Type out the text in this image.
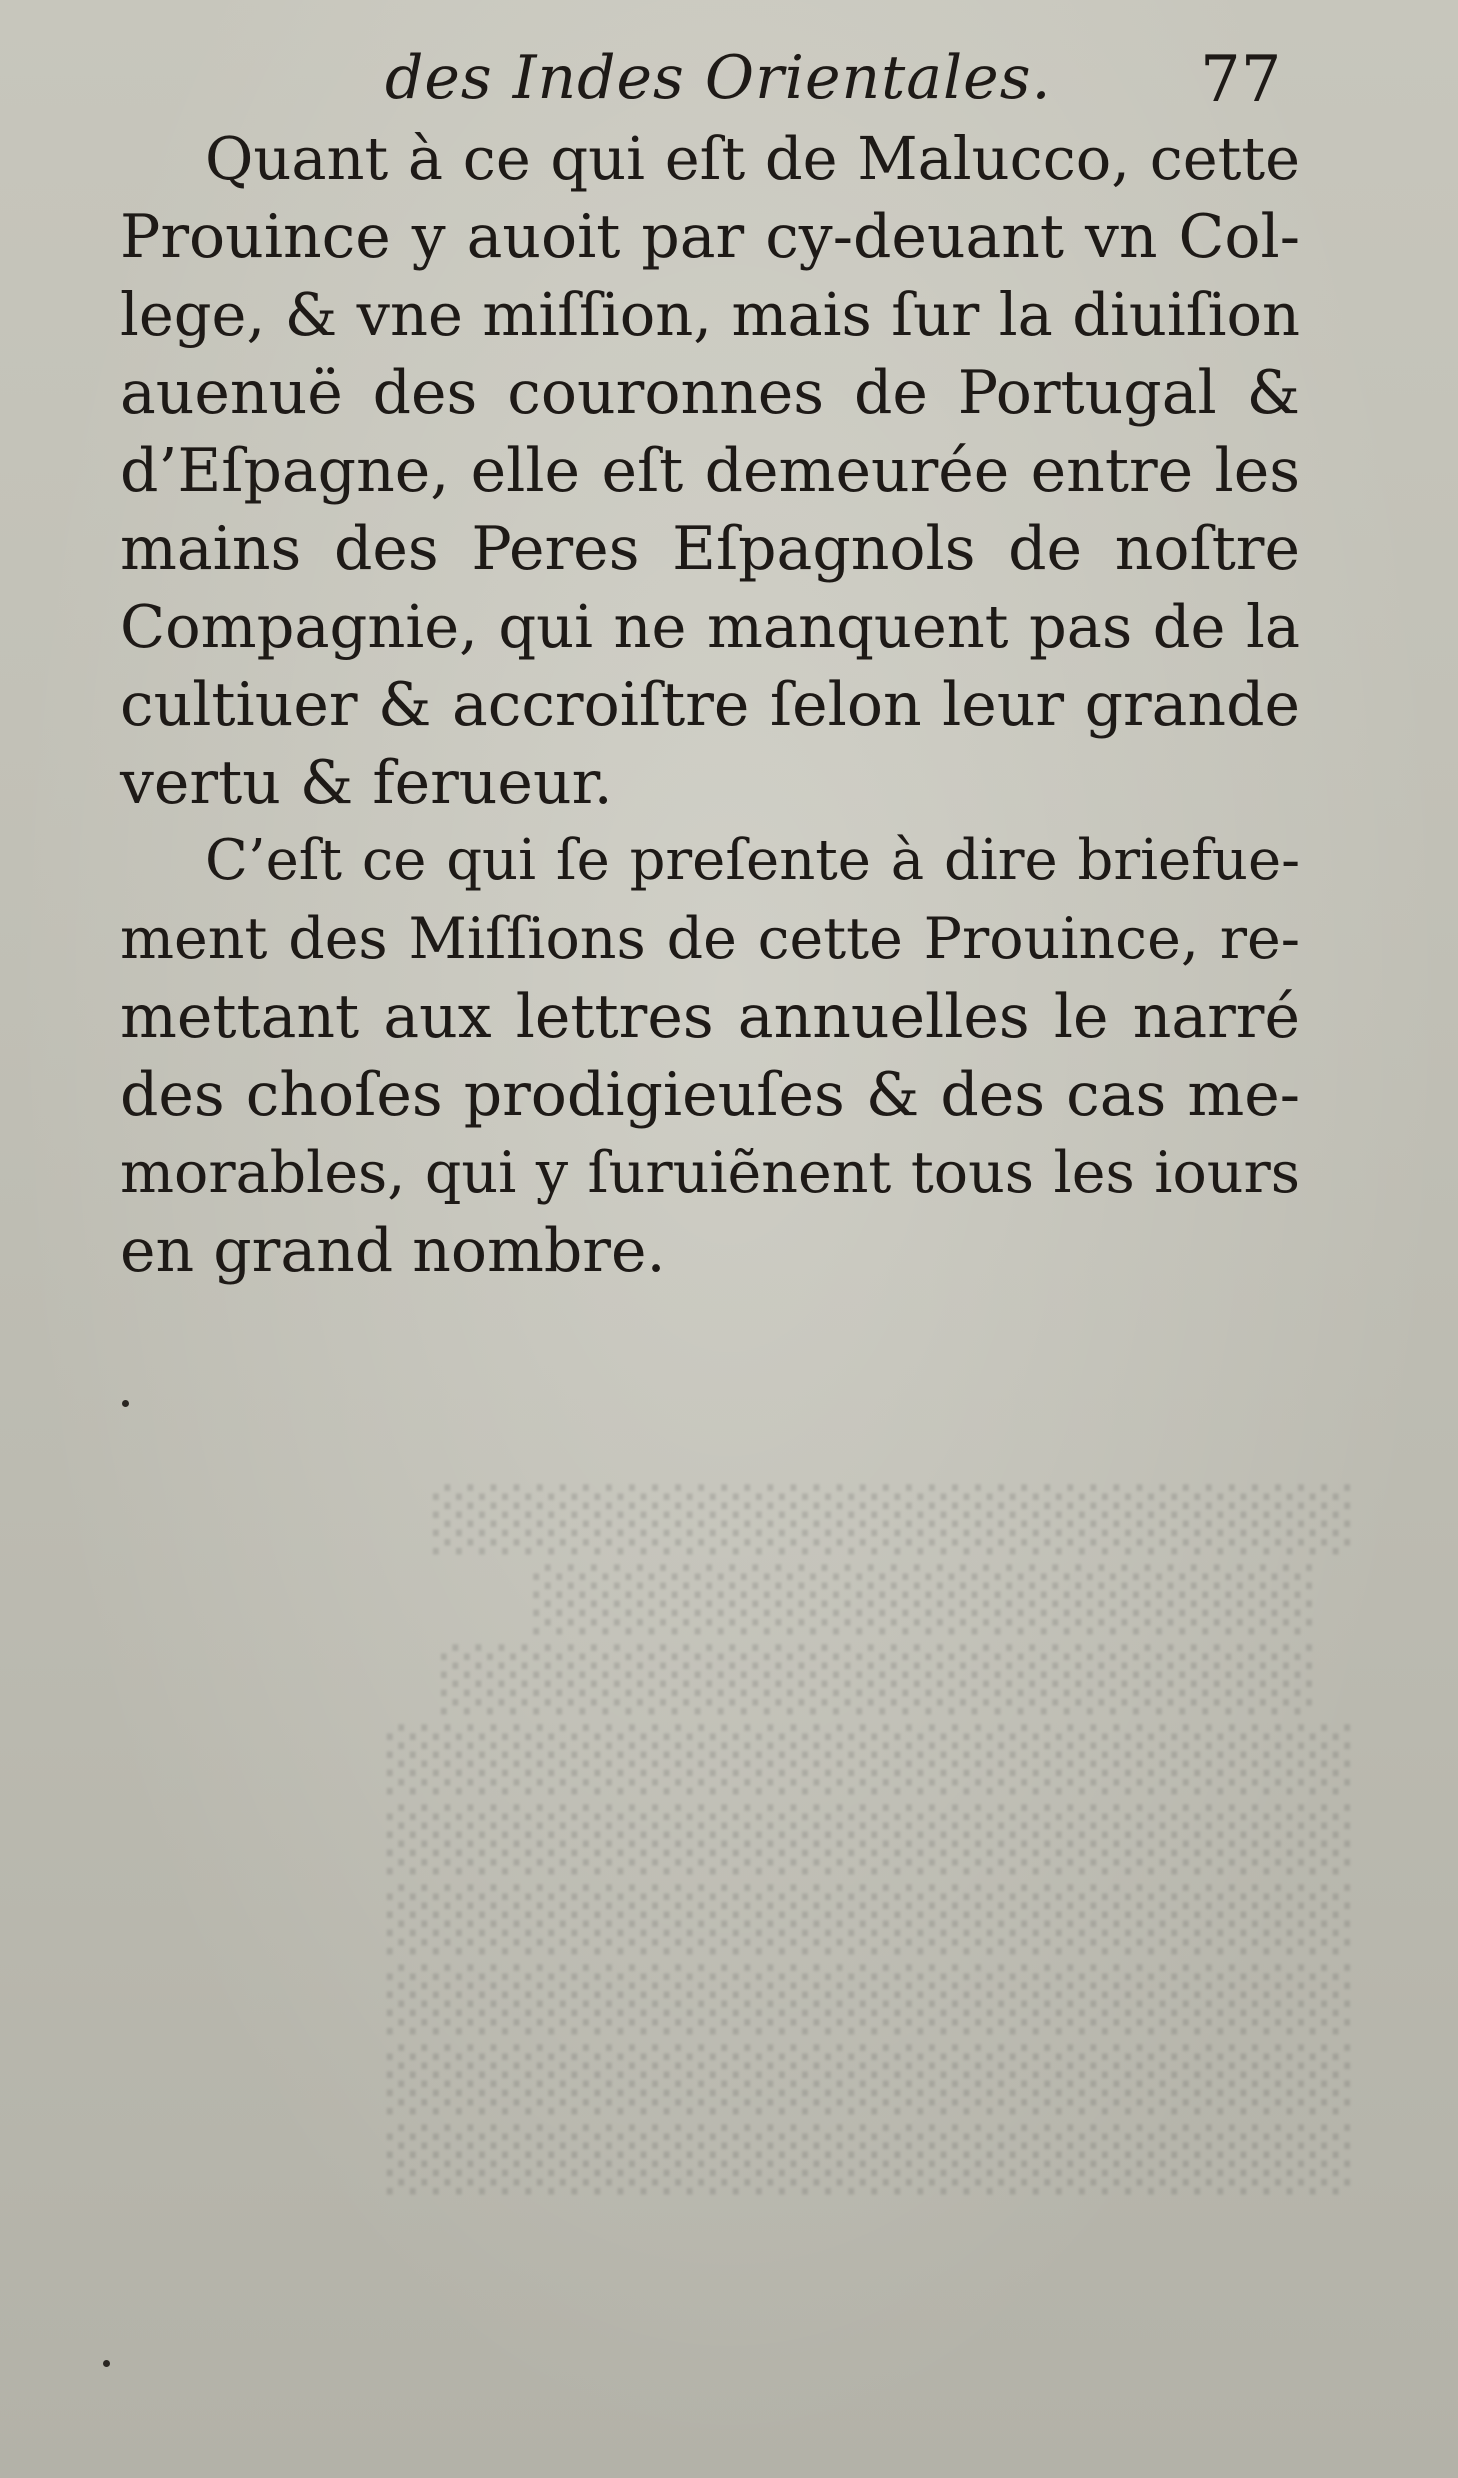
░░░░░░░░░░░░░░░░░░░░
░░░░░░░░░░░░░░░░░
░░░░░░░░░░░░░░░░░░░
░░░░░░░░░░░░░░░░░░░░░
░░░░░░░░░░░░░░░░░░░░░
░░░░░░░░░░░░░░░░░░░░░
░░░░░░░░░░░░░░░░░░░░░
░░░░░░░░░░░░░░░░░░░░░
░░░░░░░░░░░░░░░░░░░░░
des Indes Orientales. 77
Quant à ce qui eſt de Malucco, cette
Prouince y auoit par cy-deuant vn Col-
lege, & vne miſſion, mais ſur la diuiſion
auenuë des couronnes de Portugal &
d’Eſpagne, elle eſt demeurée entre les
mains des Peres Eſpagnols de noſtre
Compagnie, qui ne manquent pas de la
cultiuer & accroiſtre ſelon leur grande
vertu & ferueur.
C’eſt ce qui ſe preſente à dire briefue-
ment des Miſſions de cette Prouince, re-
mettant aux lettres annuelles le narré
des choſes prodigieuſes & des cas me-
morables, qui y ſuruiẽnent tous les iours
en grand nombre.
